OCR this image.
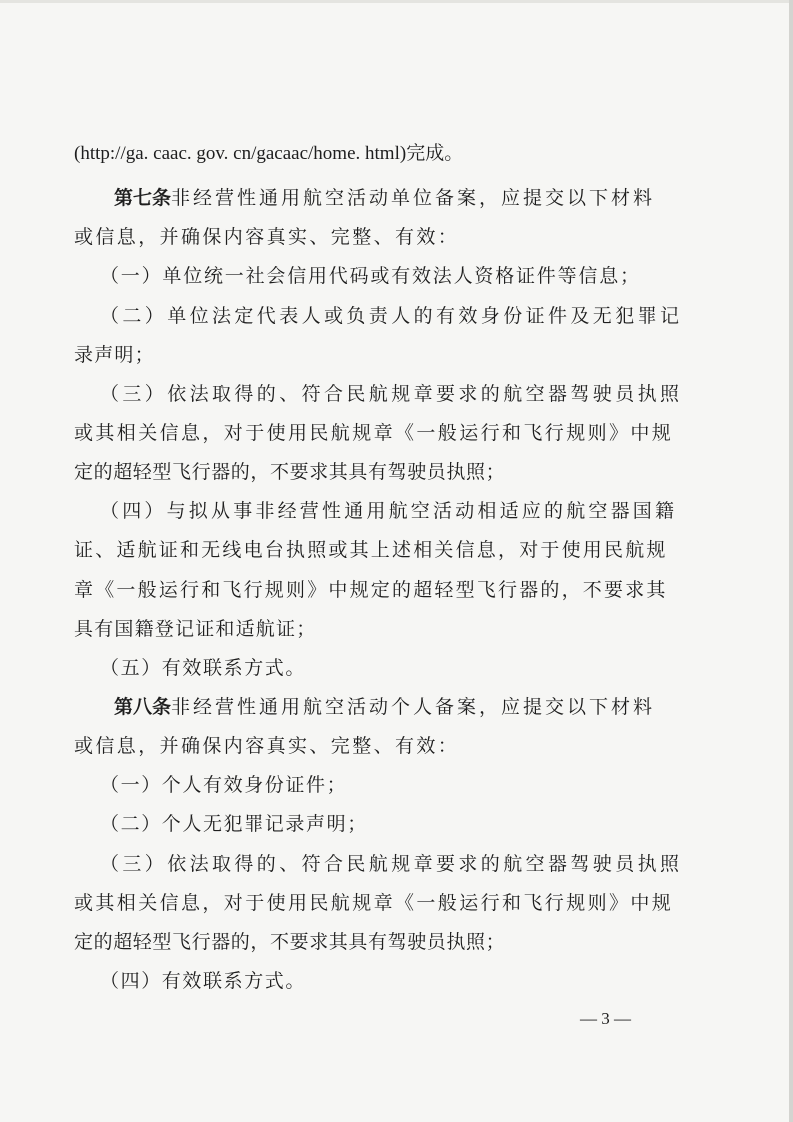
(http://ga. caac. gov. cn/gacaac/home. html)完成。
第七条非经营性通用航空活动单位备案，应提交以下材料
或信息，并确保内容真实、完整、有效：
（一）单位统一社会信用代码或有效法人资格证件等信息；
（二）单位法定代表人或负责人的有效身份证件及无犯罪记
录声明；
（三）依法取得的、符合民航规章要求的航空器驾驶员执照
或其相关信息，对于使用民航规章《一般运行和飞行规则》中规
定的超轻型飞行器的，不要求其具有驾驶员执照；
（四）与拟从事非经营性通用航空活动相适应的航空器国籍
证、适航证和无线电台执照或其上述相关信息，对于使用民航规
章《一般运行和飞行规则》中规定的超轻型飞行器的，不要求其
具有国籍登记证和适航证；
（五）有效联系方式。
第八条非经营性通用航空活动个人备案，应提交以下材料
或信息，并确保内容真实、完整、有效：
（一）个人有效身份证件；
（二）个人无犯罪记录声明；
（三）依法取得的、符合民航规章要求的航空器驾驶员执照
或其相关信息，对于使用民航规章《一般运行和飞行规则》中规
定的超轻型飞行器的，不要求其具有驾驶员执照；
（四）有效联系方式。
— 3 —
